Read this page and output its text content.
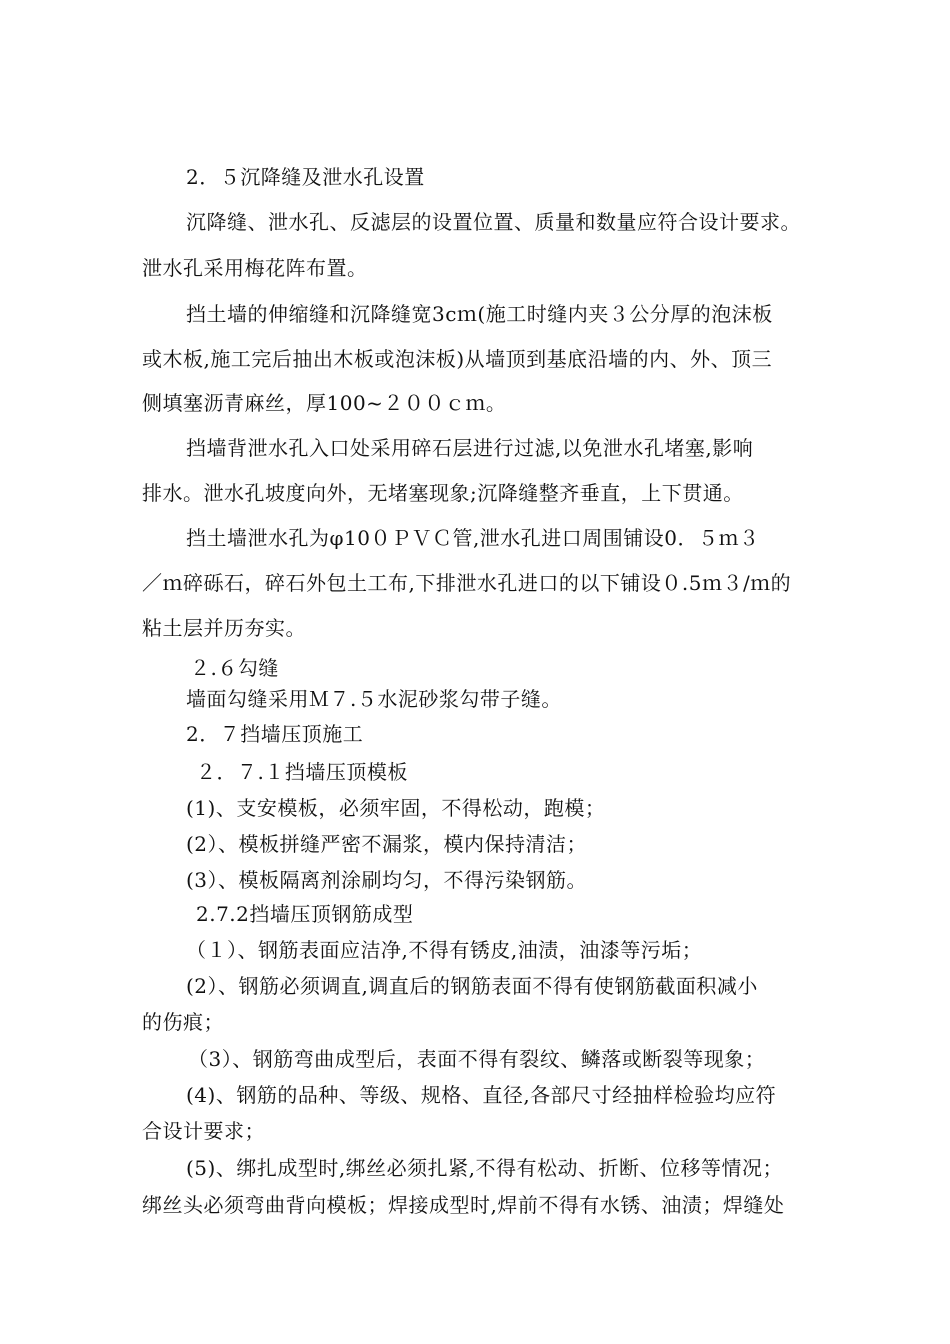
2．５沉降缝及泄水孔设置
沉降缝、泄水孔、反滤层的设置位置、质量和数量应符合设计要求。
泄水孔采用梅花阵布置。
挡土墙的伸缩缝和沉降缝宽3cｍ(施工时缝内夹３公分厚的泡沫板
或木板,施工完后抽出木板或泡沫板)从墙顶到基底沿墙的内、外、顶三
侧填塞沥青麻丝，厚100~２００ｃｍ。
挡墙背泄水孔入口处采用碎石层进行过滤,以免泄水孔堵塞,影响
排水。泄水孔坡度向外，无堵塞现象;沉降缝整齐垂直，上下贯通。
挡土墙泄水孔为φ10０ＰＶＣ管,泄水孔进口周围铺设0．５ｍ３
／ｍ碎砾石，碎石外包土工布,下排泄水孔进口的以下铺设０.5ｍ３/ｍ的
粘土层并历夯实。
２.６勾缝
墙面勾缝采用Ｍ７.５水泥砂浆勾带子缝。
2．７挡墙压顶施工
２．７.１挡墙压顶模板
(1)、支安模板，必须牢固，不得松动，跑模；
(2）、模板拼缝严密不漏浆，模内保持清洁；
(3）、模板隔离剂涂刷均匀，不得污染钢筋。
2.7.2挡墙压顶钢筋成型
（１）、钢筋表面应洁净,不得有锈皮,油渍，油漆等污垢；
(2）、钢筋必须调直,调直后的钢筋表面不得有使钢筋截面积减小
的伤痕；
（3）、钢筋弯曲成型后，表面不得有裂纹、鳞落或断裂等现象；
(4)、钢筋的品种、等级、规格、直径,各部尺寸经抽样检验均应符
合设计要求；
(5)、绑扎成型时,绑丝必须扎紧,不得有松动、折断、位移等情况；
绑丝头必须弯曲背向模板；焊接成型时,焊前不得有水锈、油渍；焊缝处
